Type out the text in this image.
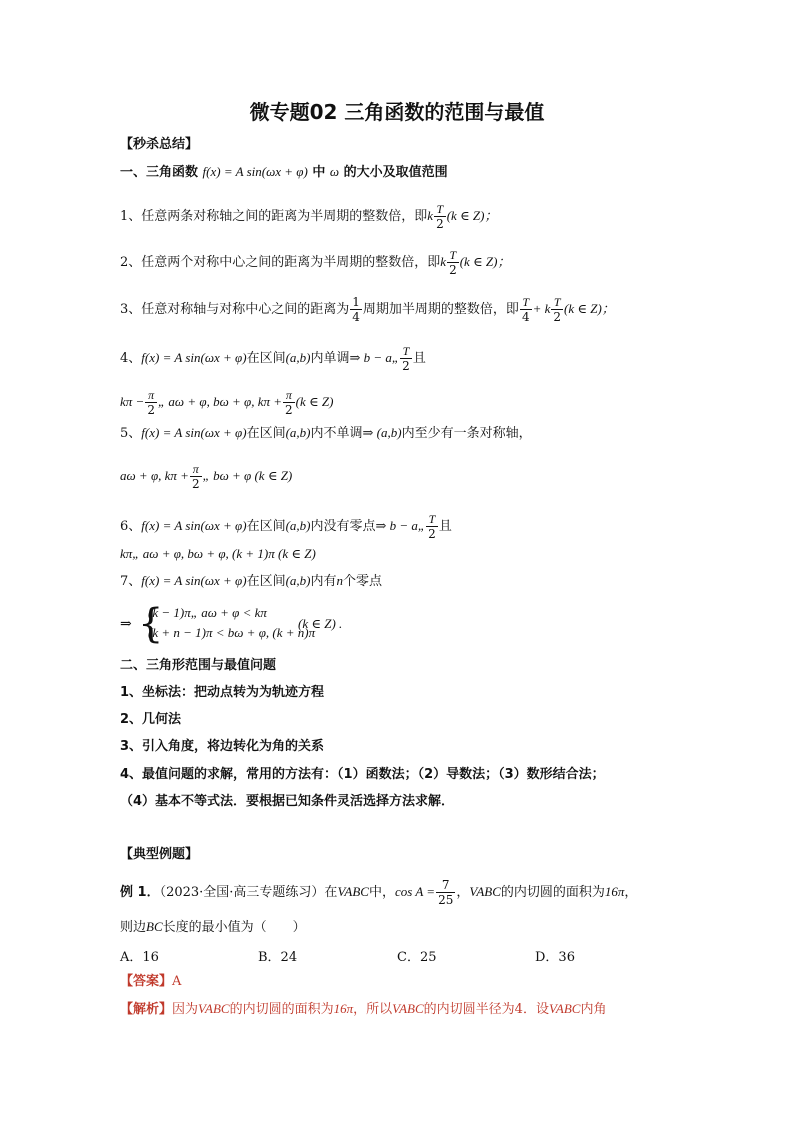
微专题02 三角函数的范围与最值
【秒杀总结】
一、三角函数 f(x) = A sin(ωx + φ) 中 ω 的大小及取值范围
1、任意两条对称轴之间的距离为半周期的整数倍，即k $\frac{T}{2} (k$ ∈ Z)；
2、任意两个对称中心之间的距离为半周期的整数倍，即k $\frac{T}{2} (k$ ∈ Z)；
3、任意对称轴与对称中心之间的距离为 $\frac{1}{4}$ 周期加半周期的整数倍，即 $\frac{T}{4} + k \frac{T}{2} (k$ ∈ Z)；
4、f(x) = A sin(ωx + φ)在区间(a,b)内单调⇒ b − a„ $\frac{T}{2}$ 且
$k\pi - \frac{\pi}{2}$ „ aω + φ, bω + φ, $k\pi + \frac{\pi}{2} (k$ ∈ Z)
5、f(x) = A sin(ωx + φ)在区间(a,b)内不单调⇒ (a,b)内至少有一条对称轴，
aω + φ, $k\pi + \frac{\pi}{2}$ „ bω + φ (k ∈ Z)
6、f(x) = A sin(ωx + φ)在区间(a,b)内没有零点⇒ b − a„ $\frac{T}{2}$ 且
kπ„ aω + φ, bω + φ, (k + 1)π (k ∈ Z)
7、f(x) = A sin(ωx + φ)在区间(a,b)内有n个零点
⇒ {
(k − 1)π„ aω + φ < kπ
(k + n − 1)π < bω + φ, (k + n)π
(k ∈ Z) .
二、三角形范围与最值问题
1、坐标法：把动点转为为轨迹方程
2、几何法
3、引入角度，将边转化为角的关系
4、最值问题的求解，常用的方法有：（1）函数法；（2）导数法；（3）数形结合法；
（4）基本不等式法．要根据已知条件灵活选择方法求解．
【典型例题】
例 1．（2023·全国·高三专题练习）在VABC中，$\cos A = \frac{7}{25}$ ，VABC的内切圆的面积为16π，
则边BC长度的最小值为（　　）
A．16	B．24	C．25	D．36
【答案】A
【解析】因为VABC的内切圆的面积为16π，所以VABC的内切圆半径为4．设VABC内角
